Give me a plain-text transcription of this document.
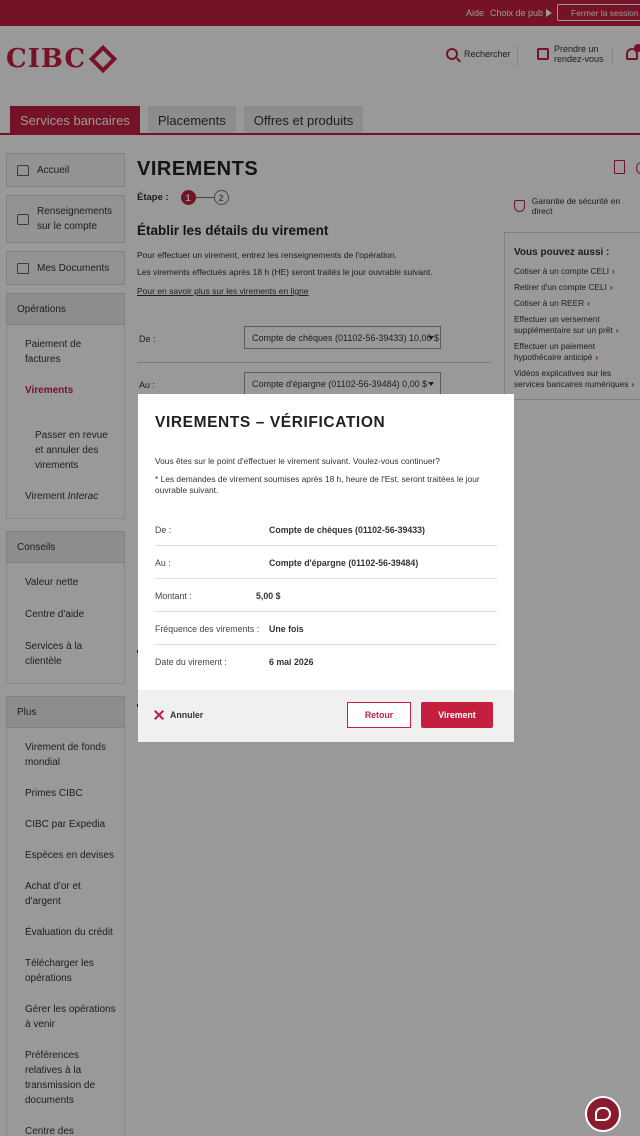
Aide Choix de pub	Fermer la session
CIBC	Rechercher	Prendre un
rendez-vous
Services bancaires	Placements	Offres et produits
Accueil
Renseignements
sur le compte
Mes Documents
Opérations
Paiement de factures
Virements
Passer en revue et annuler des virements
Virement Interac
Conseils
Valeur nette
Centre d'aide
Services à la clientèle
Plus
Virement de fonds mondial
Primes CIBC
CIBC par Expedia
Espèces en devises
Achat d'or et d'argent
Évaluation du crédit
Télécharger les opérations
Gérer les opérations à venir
Préférences relatives à la transmission de documents
Centre des
VIREMENTS
Étape :	1	2	Garantie de sécurité en direct
Établir les détails du virement

Pour effectuer un virement, entrez les renseignements de l'opération.

Les virements effectués après 18 h (HE) seront traités le jour ouvrable suivant.

Pour en savoir plus sur les virements en ligne
De :	Compte de chèques (01102-56-39433) 10,00 $
Au :	Compte d'épargne (01102-56-39484) 0,00 $
Vous pouvez aussi :
Cotiser à un compte CELI ›
Retirer d'un compte CELI ›
Cotiser à un REER ›
Effectuer un versement supplémentaire sur un prêt ›
Effectuer un paiement hypothécaire anticipé ›
Vidéos explicatives sur les services bancaires numériques ›
VIREMENTS – VÉRIFICATION

Vous êtes sur le point d'effectuer le virement suivant. Voulez-vous continuer?

* Les demandes de virement soumises après 18 h, heure de l'Est, seront traitées le jour ouvrable suivant.

De :	Compte de chèques (01102-56-39433)
Au :	Compte d'épargne (01102-56-39484)
Montant :	5,00 $
Fréquence des virements : Une fois
Date du virement :	6 mai 2026
Annuler	Retour	Virement
